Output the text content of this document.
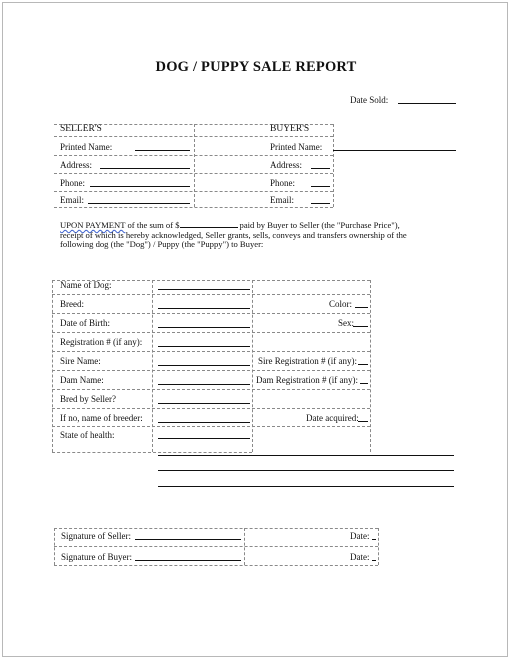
DOG / PUPPY SALE REPORT
Date Sold:
SELLER'S	BUYER'S
Printed Name:
Address:
Phone:
Email:
Printed Name:
Address:
Phone:
Email:
UPON PAYMENT of the sum of $	paid by Buyer to Seller (the "Purchase Price"),
receipt of which is hereby acknowledged, Seller grants, sells, conveys and transfers ownership of the
following dog (the "Dog") / Puppy (the "Puppy") to Buyer:
Name of Dog:
Breed:
Date of Birth:
Registration # (if any):
Sire Name:
Dam Name:
Bred by Seller?
If no, name of breeder:
State of health:
Color:
Sex:
Sire Registration # (if any):
Dam Registration # (if any):
Date acquired:
Signature of Seller:
Signature of Buyer:
Date:
Date:
